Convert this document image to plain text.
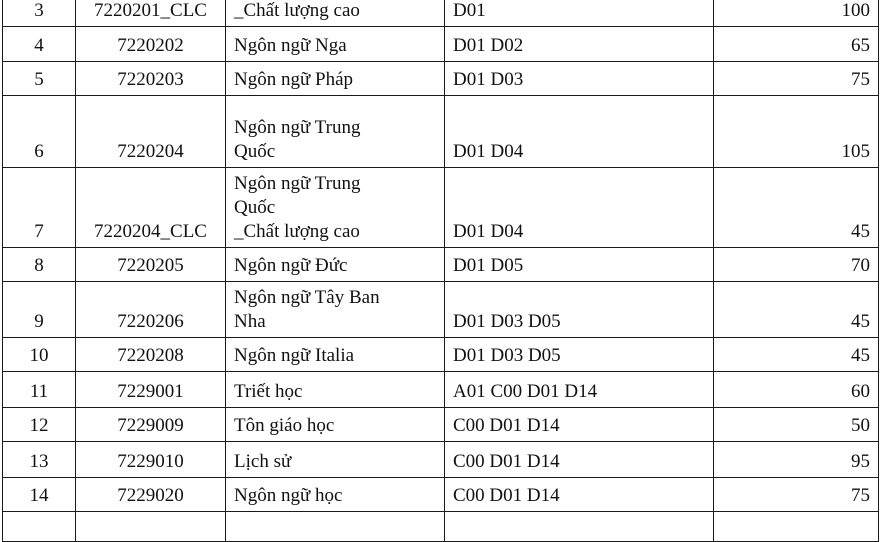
3	7220201_CLC	_Chất lượng cao	D01	100
4	7220202	Ngôn ngữ Nga	D01 D02	65
5	7220203	Ngôn ngữ Pháp	D01 D03	75
6	7220204	Ngôn ngữ Trung
Quốc	D01 D04	105
7	7220204_CLC	Ngôn ngữ Trung
Quốc
_Chất lượng cao	D01 D04	45
8	7220205	Ngôn ngữ Đức	D01 D05	70
9	7220206	Ngôn ngữ Tây Ban
Nha	D01 D03 D05	45
10	7220208	Ngôn ngữ Italia	D01 D03 D05	45
11	7229001	Triết học	A01 C00 D01 D14	60
12	7229009	Tôn giáo học	C00 D01 D14	50
13	7229010	Lịch sử	C00 D01 D14	95
14	7229020	Ngôn ngữ học	C00 D01 D14	75
